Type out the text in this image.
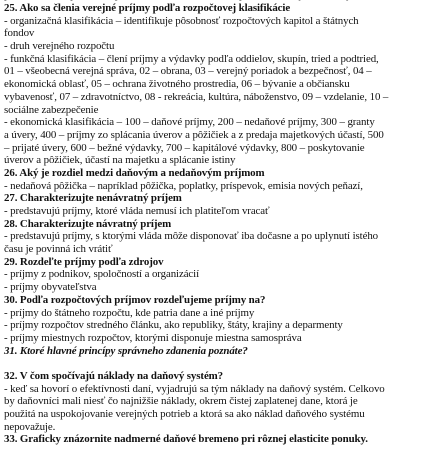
25. Ako sa členia verejné príjmy podľa rozpočtovej klasifikácie
- organizačná klasifikácia – identifikuje pôsobnosť rozpočtových kapitol a štátnych
fondov
- druh verejného rozpočtu
- funkčná klasifikácia – člení príjmy a výdavky podľa oddielov, skupín, tried a podtried,
01 – všeobecná verejná správa, 02 – obrana, 03 – verejný poriadok a bezpečnosť, 04 –
ekonomická oblasť, 05 – ochrana životného prostredia, 06 – bývanie a občiansku
vybavenosť, 07 – zdravotníctvo, 08 - rekreácia, kultúra, náboženstvo, 09 – vzdelanie, 10 –
sociálne zabezpečenie
- ekonomická klasifikácia – 100 – daňové príjmy, 200 – nedaňové príjmy, 300 – granty
a úvery, 400 – príjmy zo splácania úverov a pôžičiek a z predaja majetkových účastí, 500
– prijaté úvery, 600 – bežné výdavky, 700 – kapitálové výdavky, 800 – poskytovanie
úverov a pôžičiek, účastí na majetku a splácanie istiny
26. Aký je rozdiel medzi daňovým a nedaňovým príjmom
- nedaňová pôžička – napríklad pôžička, poplatky, príspevok, emisia nových peňazí,
27. Charakterizujte nenávratný príjem
- predstavujú príjmy, ktoré vláda nemusí ich platiteľom vracať
28. Charakterizujte návratný príjem
- predstavujú príjmy, s ktorými vláda môže disponovať iba dočasne a po uplynutí istého
času je povinná ich vrátiť
29. Rozdeľte príjmy podľa zdrojov
- príjmy z podnikov, spoločností a organizácií
- príjmy obyvateľstva
30. Podľa rozpočtových príjmov rozdeľujeme príjmy na?
- príjmy do štátneho rozpočtu, kde patria dane a iné príjmy
- príjmy rozpočtov stredného článku, ako republiky, štáty, krajiny a deparmenty
- príjmy miestnych rozpočtov, ktorými disponuje miestna samospráva
31. Ktoré hlavné princípy správneho zdanenia poznáte?
32. V čom spočívajú náklady na daňový systém?
- keď sa hovorí o efektívnosti daní, vyjadrujú sa tým náklady na daňový systém. Celkovo
by daňovníci mali niesť čo najnižšie náklady, okrem čistej zaplatenej dane, ktorá je
použitá na uspokojovanie verejných potrieb a ktorá sa ako náklad daňového systému
nepovažuje.
33. Graficky znázornite nadmerné daňové bremeno pri rôznej elasticite ponuky.
